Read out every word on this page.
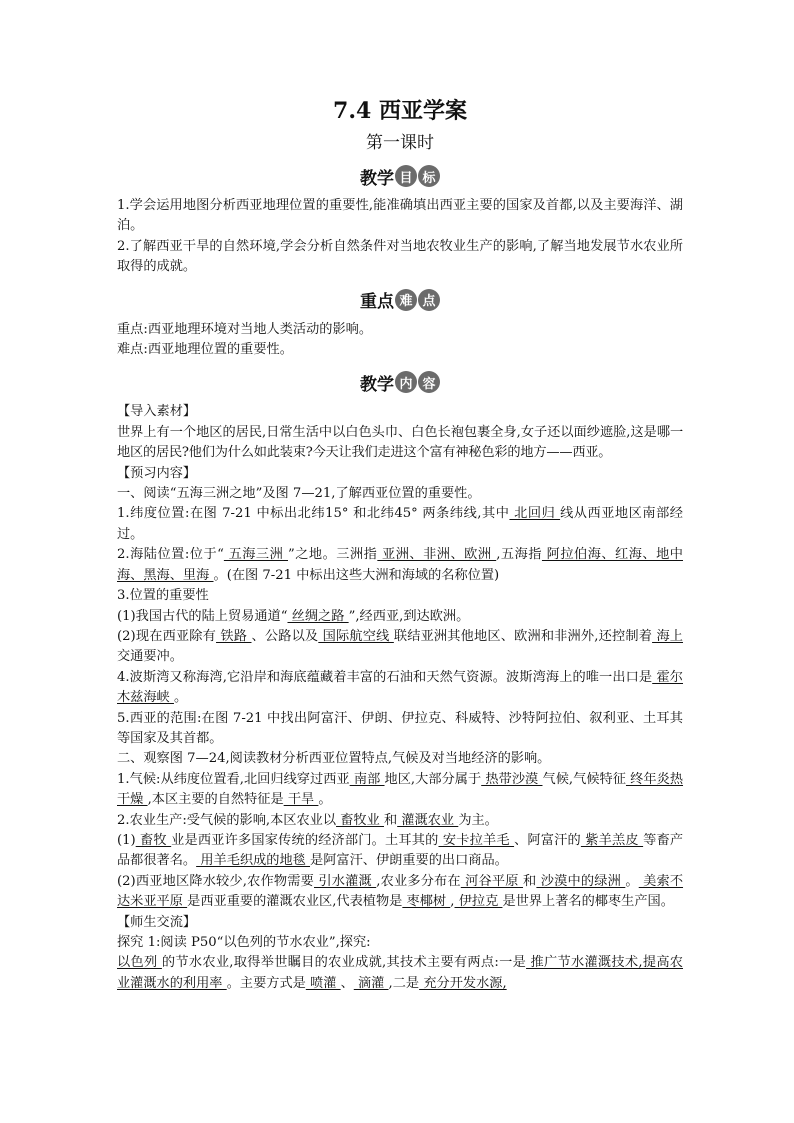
7.4 西亚学案
第一课时
教学 目 标

1.学会运用地图分析西亚地理位置的重要性,能准确填出西亚主要的国家及首都,以及主要海洋、湖泊。

2.了解西亚干旱的自然环境,学会分析自然条件对当地农牧业生产的影响,了解当地发展节水农业所取得的成就。

重点 难 点

重点:西亚地理环境对当地人类活动的影响。

难点:西亚地理位置的重要性。

教学 内 容

【导入素材】

世界上有一个地区的居民,日常生活中以白色头巾、白色长袍包裹全身,女子还以面纱遮脸,这是哪一地区的居民?他们为什么如此装束?今天让我们走进这个富有神秘色彩的地方——西亚。

【预习内容】

一、阅读“五海三洲之地”及图 7—21,了解西亚位置的重要性。

1.纬度位置:在图 7-21 中标出北纬15° 和北纬45° 两条纬线,其中 北回归 线从西亚地区南部经过。

2.海陆位置:位于“ 五海三洲 ”之地。三洲指 亚洲、非洲、欧洲 ,五海指 阿拉伯海、红海、地中海、黑海、里海 。(在图 7-21 中标出这些大洲和海域的名称位置)

3.位置的重要性

(1)我国古代的陆上贸易通道“ 丝绸之路 ”,经西亚,到达欧洲。

(2)现在西亚除有 铁路 、公路以及 国际航空线 联结亚洲其他地区、欧洲和非洲外,还控制着 海上 交通要冲。

4.波斯湾又称海湾,它沿岸和海底蕴藏着丰富的石油和天然气资源。波斯湾海上的唯一出口是 霍尔木兹海峡 。

5.西亚的范围:在图 7-21 中找出阿富汗、伊朗、伊拉克、科威特、沙特阿拉伯、叙利亚、土耳其等国家及其首都。

二、观察图 7—24,阅读教材分析西亚位置特点,气候及对当地经济的影响。

1.气候:从纬度位置看,北回归线穿过西亚 南部 地区,大部分属于 热带沙漠 气候,气候特征 终年炎热干燥 ,本区主要的自然特征是 干旱 。

2.农业生产:受气候的影响,本区农业以 畜牧业 和 灌溉农业 为主。

(1) 畜牧 业是西亚许多国家传统的经济部门。土耳其的 安卡拉羊毛 、阿富汗的 紫羊羔皮 等畜产品都很著名。 用羊毛织成的地毯 是阿富汗、伊朗重要的出口商品。

(2)西亚地区降水较少,农作物需要 引水灌溉 ,农业多分布在 河谷平原 和 沙漠中的绿洲 。 美索不达米亚平原 是西亚重要的灌溉农业区,代表植物是 枣椰树 , 伊拉克 是世界上著名的椰枣生产国。

【师生交流】

探究 1:阅读 P50“以色列的节水农业”,探究:

以色列 的节水农业,取得举世瞩目的农业成就,其技术主要有两点:一是 推广节水灌溉技术,提高农业灌溉水的利用率 。主要方式是 喷灌 、 滴灌 ,二是 充分开发水源,
